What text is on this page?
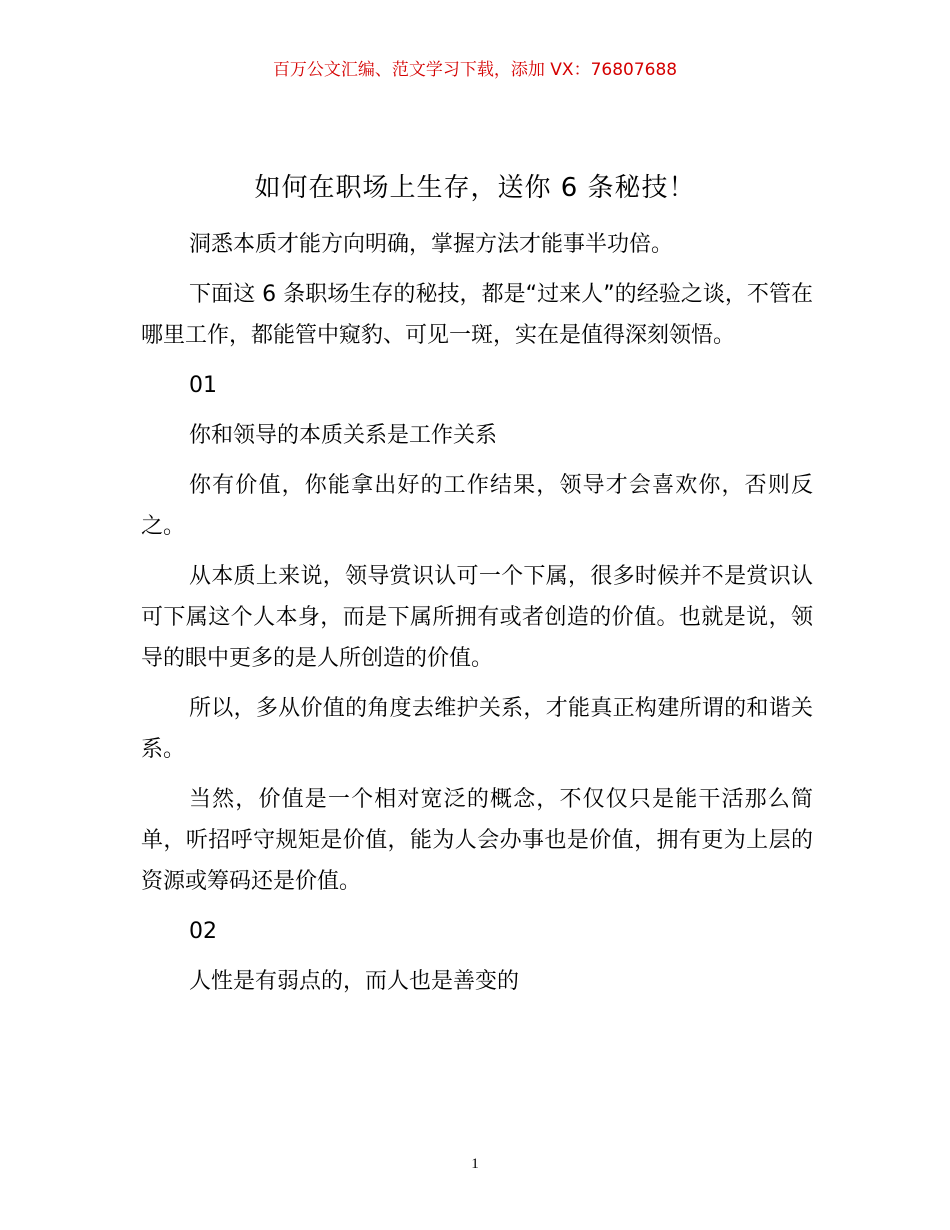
百万公文汇编、范文学习下载，添加 VX：76807688
如何在职场上生存，送你 6 条秘技！

洞悉本质才能方向明确，掌握方法才能事半功倍。

下面这 6 条职场生存的秘技，都是“过来人”的经验之谈，不管在哪里工作，都能管中窥豹、可见一斑，实在是值得深刻领悟。

01

你和领导的本质关系是工作关系

你有价值，你能拿出好的工作结果，领导才会喜欢你，否则反之。

从本质上来说，领导赏识认可一个下属，很多时候并不是赏识认可下属这个人本身，而是下属所拥有或者创造的价值。也就是说，领导的眼中更多的是人所创造的价值。

所以，多从价值的角度去维护关系，才能真正构建所谓的和谐关系。

当然，价值是一个相对宽泛的概念，不仅仅只是能干活那么简单，听招呼守规矩是价值，能为人会办事也是价值，拥有更为上层的资源或筹码还是价值。

02

人性是有弱点的，而人也是善变的

1
